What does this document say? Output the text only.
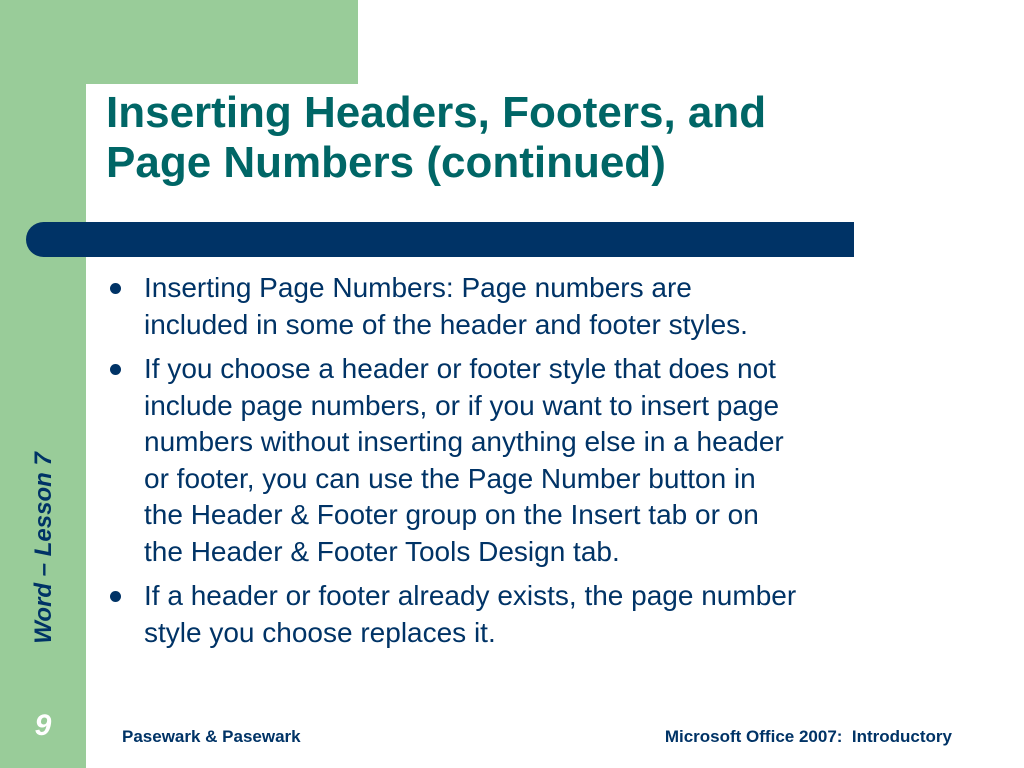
Inserting Headers, Footers, and
Page Numbers (continued)
Inserting Page Numbers: Page numbers are
included in some of the header and footer styles.
If you choose a header or footer style that does not
include page numbers, or if you want to insert page
numbers without inserting anything else in a header
or footer, you can use the Page Number button in
the Header & Footer group on the Insert tab or on
the Header & Footer Tools Design tab.
If a header or footer already exists, the page number
style you choose replaces it.
Word – Lesson 7
9	Pasewark & Pasewark	Microsoft Office 2007:  Introductory
